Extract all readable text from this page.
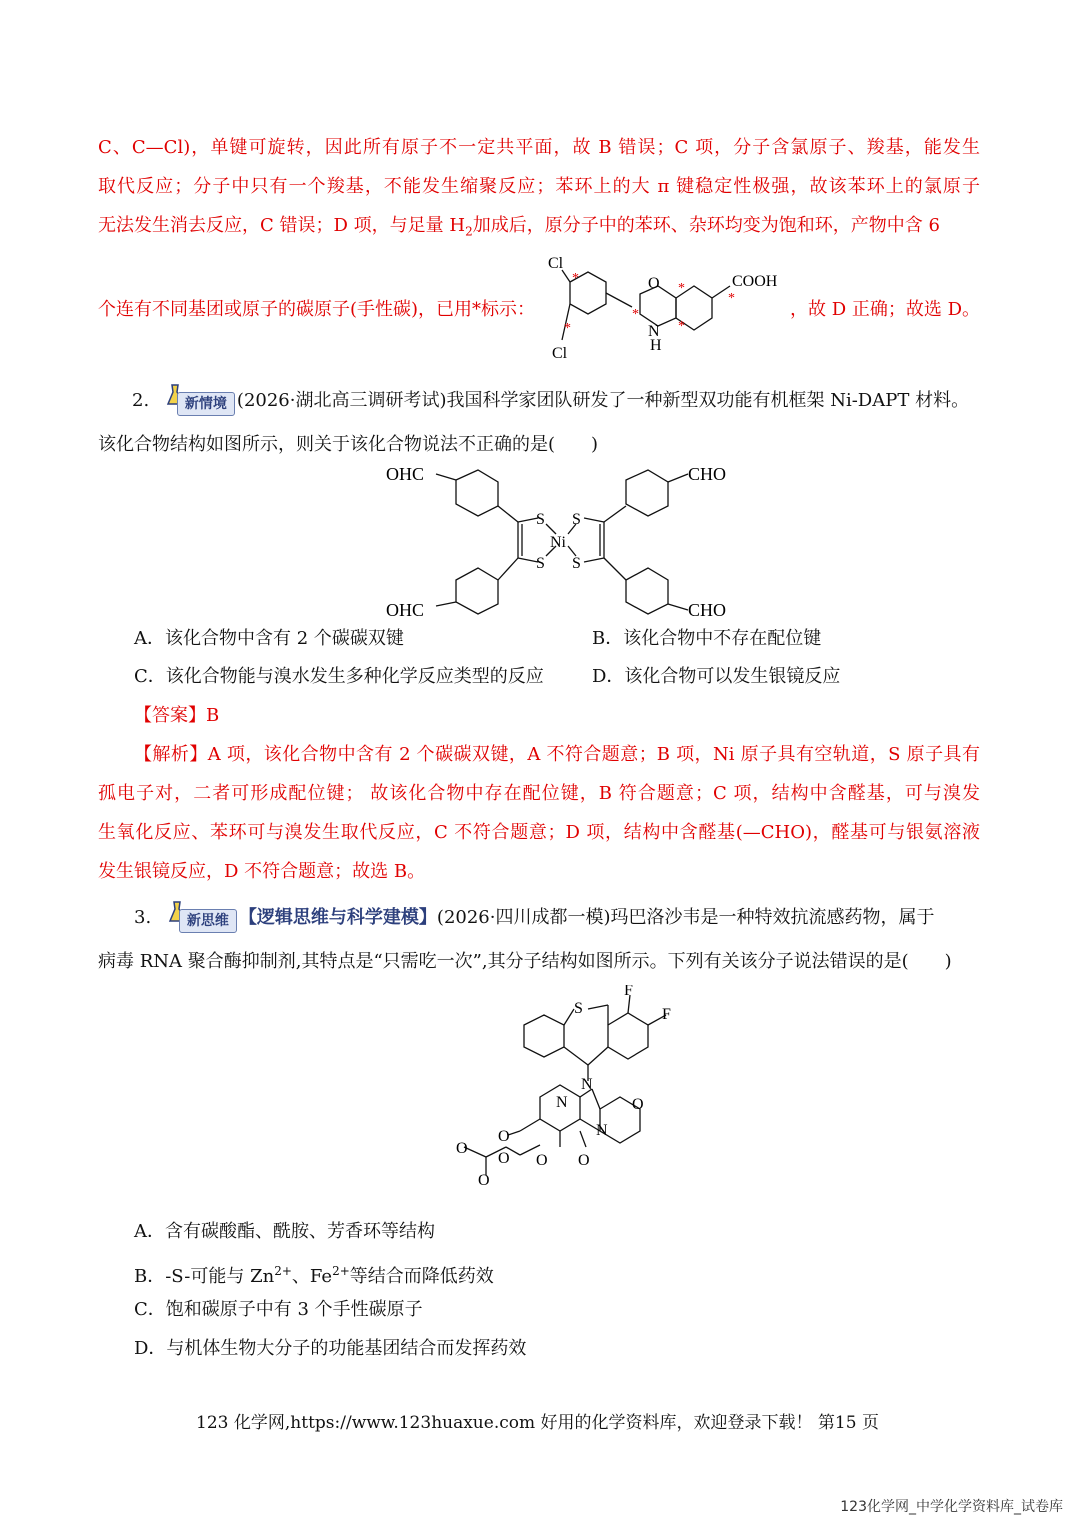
C、C—Cl)，单键可旋转，因此所有原子不一定共平面，故 B 错误；C 项，分子含氯原子、羧基，能发生
取代反应；分子中只有一个羧基，不能发生缩聚反应；苯环上的大 π 键稳定性极强，故该苯环上的氯原子
无法发生消去反应，C 错误；D 项，与足量 $H_2$加成后，原分子中的苯环、杂环均变为饱和环，产物中含 6
个连有不同基团或原子的碳原子(手性碳)，已用*标示：	，故 D 正确；故选 D。
Cl
Cl
O
N
H
COOH
*
*
*
*
*
*
2.	新情境 (2026·湖北高三调研考试)我国科学家团队研发了一种新型双功能有机框架 Ni-DAPT 材料。
该化合物结构如图所示，则关于该化合物说法不正确的是(　　)
OHC
OHC
CHO
CHO
S
S
S
S
Ni
A．该化合物中含有 2 个碳碳双键	B．该化合物中不存在配位键
C．该化合物能与溴水发生多种化学反应类型的反应	D．该化合物可以发生银镜反应
【答案】B
【解析】A 项，该化合物中含有 2 个碳碳双键，A 不符合题意；B 项，Ni 原子具有空轨道，S 原子具有
孤电子对，二者可形成配位键； 故该化合物中存在配位键，B 符合题意；C 项，结构中含醛基，可与溴发
生氧化反应、苯环可与溴发生取代反应，C 不符合题意；D 项，结构中含醛基(—CHO)，醛基可与银氨溶液
发生银镜反应，D 不符合题意；故选 B。
3.	新思维 【逻辑思维与科学建模】(2026·四川成都一模)玛巴洛沙韦是一种特效抗流感药物，属于
病毒 RNA 聚合酶抑制剂,其特点是“只需吃一次”,其分子结构如图所示。下列有关该分子说法错误的是(　　)
S
F
F
N
N
N
O
O
O
O
O
O
O
A．含有碳酸酯、酰胺、芳香环等结构
B．-S-可能与 $Zn^{2+}$、$Fe^{2+}$等结合而降低药效
C．饱和碳原子中有 3 个手性碳原子
D．与机体生物大分子的功能基团结合而发挥药效
123 化学网,https://www.123huaxue.com 好用的化学资料库，欢迎登录下载！ 第15 页
123化学网_中学化学资料库_试卷库
